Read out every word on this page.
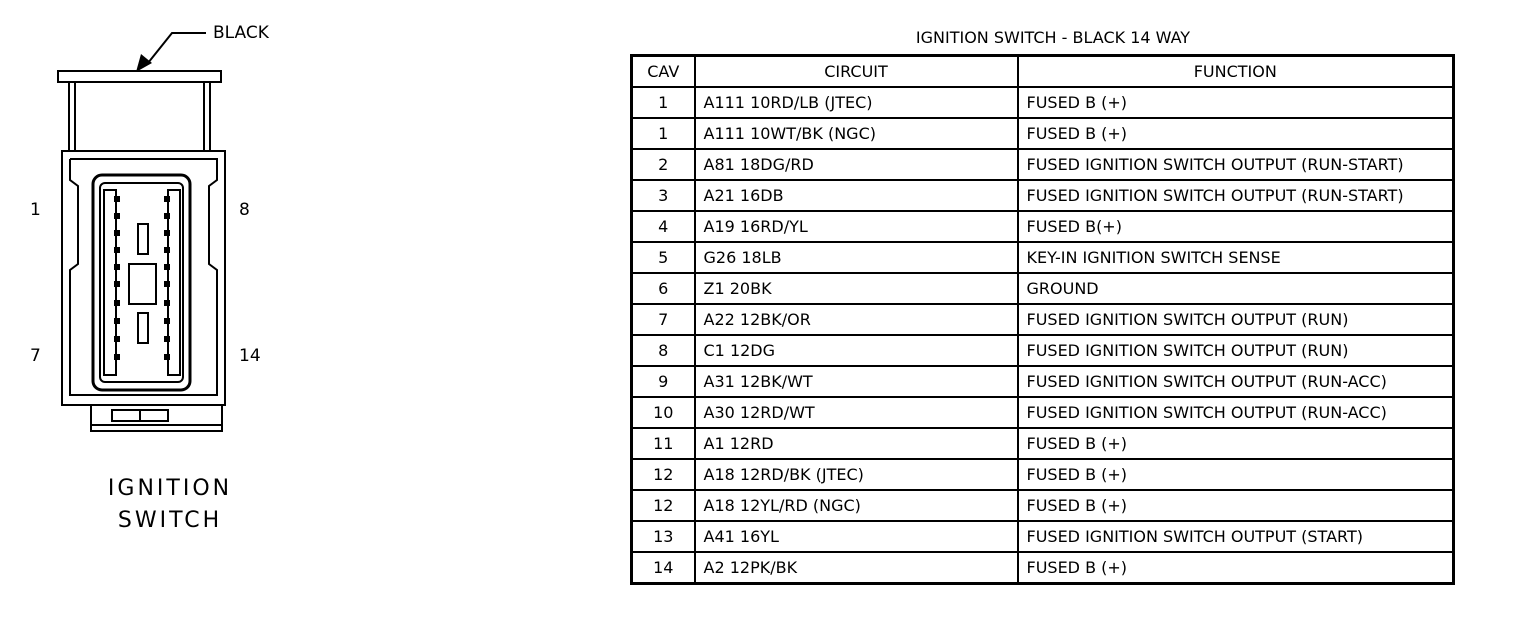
BLACK
1	8
7	14
IGNITION
SWITCH
IGNITION SWITCH - BLACK 14 WAY
CAV	CIRCUIT	FUNCTION
1	A111 10RD/LB (JTEC)	FUSED B (+)
1	A111 10WT/BK (NGC)	FUSED B (+)
2	A81 18DG/RD	FUSED IGNITION SWITCH OUTPUT (RUN-START)
3	A21 16DB	FUSED IGNITION SWITCH OUTPUT (RUN-START)
4	A19 16RD/YL	FUSED B(+)
5	G26 18LB	KEY-IN IGNITION SWITCH SENSE
6	Z1 20BK	GROUND
7	A22 12BK/OR	FUSED IGNITION SWITCH OUTPUT (RUN)
8	C1 12DG	FUSED IGNITION SWITCH OUTPUT (RUN)
9	A31 12BK/WT	FUSED IGNITION SWITCH OUTPUT (RUN-ACC)
10	A30 12RD/WT	FUSED IGNITION SWITCH OUTPUT (RUN-ACC)
11	A1 12RD	FUSED B (+)
12	A18 12RD/BK (JTEC)	FUSED B (+)
12	A18 12YL/RD (NGC)	FUSED B (+)
13	A41 16YL	FUSED IGNITION SWITCH OUTPUT (START)
14	A2 12PK/BK	FUSED B (+)
